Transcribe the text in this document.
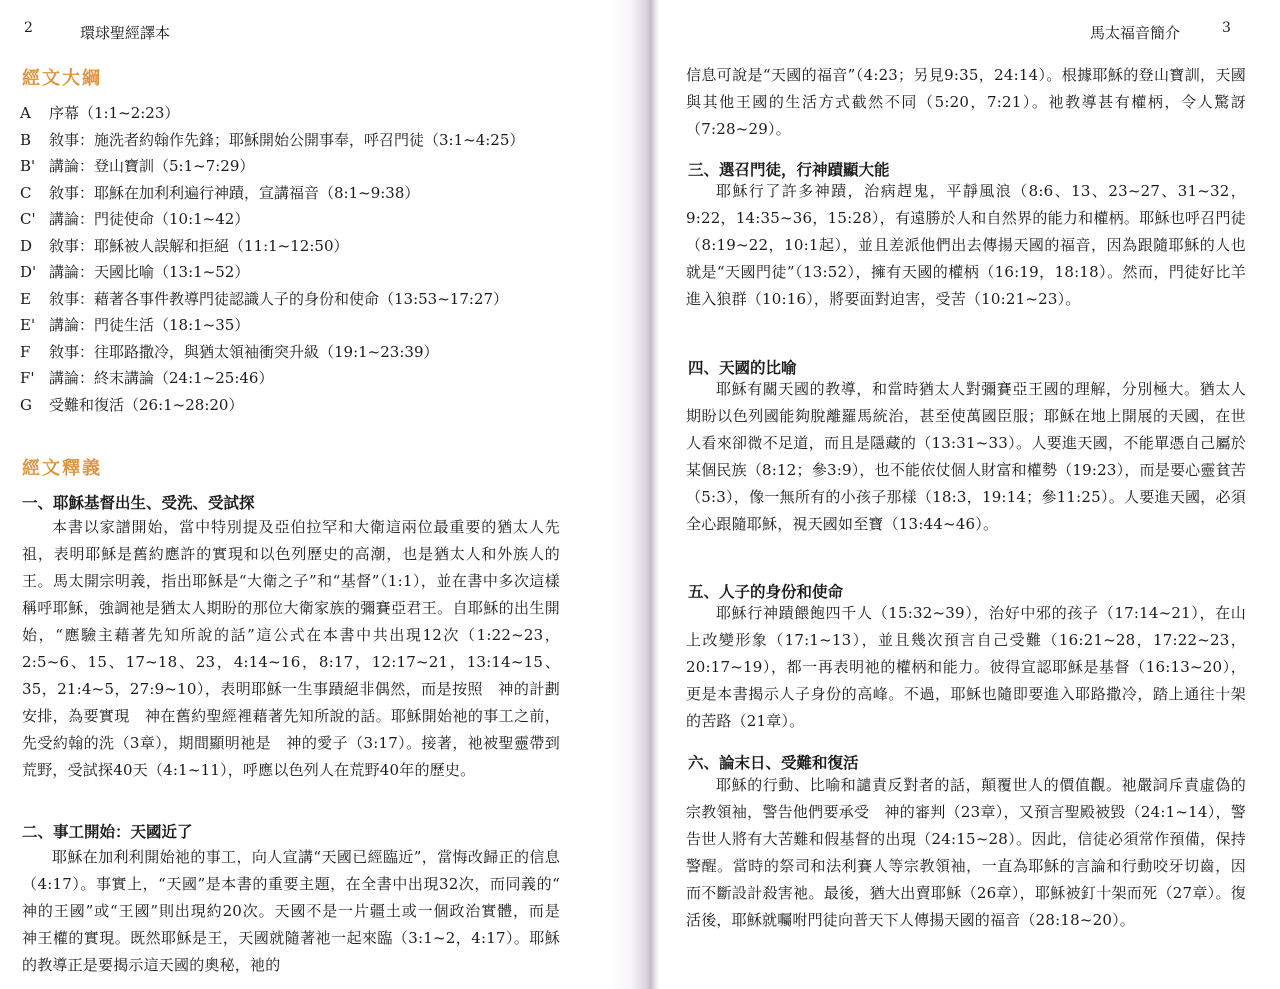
2	環球聖經譯本
經文大綱
A	序幕（1:1~2:23）
B	敘事：施洗者約翰作先鋒；耶穌開始公開事奉，呼召門徒（3:1~4:25）
B' 講論：登山寶訓（5:1~7:29）
C	敘事：耶穌在加利利遍行神蹟，宣講福音（8:1~9:38）
C' 講論：門徒使命（10:1~42）
D	敘事：耶穌被人誤解和拒絕（11:1~12:50）
D' 講論：天國比喻（13:1~52）
E	敘事：藉著各事件教導門徒認識人子的身份和使命（13:53~17:27）
E' 講論：門徒生活（18:1~35）
F	敘事：往耶路撒冷，與猶太領袖衝突升級（19:1~23:39）
F' 講論：終末講論（24:1~25:46）
G	受難和復活（26:1~28:20）
經文釋義
一、耶穌基督出生、受洗、受試探
本書以家譜開始，當中特別提及亞伯拉罕和大衛這兩位最重要的猶太人先祖，表明耶穌是舊約應許的實現和以色列歷史的高潮，也是猶太人和外族人的王。馬太開宗明義，指出耶穌是“大衛之子”和“基督”（1:1），並在書中多次這樣稱呼耶穌，強調祂是猶太人期盼的那位大衛家族的彌賽亞君王。自耶穌的出生開始，“應驗主藉著先知所說的話”這公式在本書中共出現12次（1:22~23，2:5~6、15、17~18、23，4:14~16，8:17，12:17~21，13:14~15、35，21:4~5，27:9~10），表明耶穌一生事蹟絕非偶然，而是按照　神的計劃安排，為要實現　神在舊約聖經裡藉著先知所說的話。耶穌開始祂的事工之前，先受約翰的洗（3章），期間顯明祂是　神的愛子（3:17）。接著，祂被聖靈帶到荒野，受試探40天（4:1~11），呼應以色列人在荒野40年的歷史。
二、事工開始：天國近了
耶穌在加利利開始祂的事工，向人宣講“天國已經臨近”，當悔改歸正的信息（4:17）。事實上，“天國”是本書的重要主題，在全書中出現32次，而同義的“　神的王國”或“王國”則出現約20次。天國不是一片疆土或一個政治實體，而是　神王權的實現。既然耶穌是王，天國就隨著祂一起來臨（3:1~2，4:17）。耶穌的教導正是要揭示這天國的奧秘，祂的
馬太福音簡介	3
信息可說是“天國的福音”（4:23；另見9:35，24:14）。根據耶穌的登山寶訓，天國與其他王國的生活方式截然不同（5:20，7:21）。祂教導甚有權柄，令人驚訝（7:28~29）。
三、選召門徒，行神蹟顯大能
耶穌行了許多神蹟，治病趕鬼，平靜風浪（8:6、13、23~27、31~32，9:22，14:35~36，15:28），有遠勝於人和自然界的能力和權柄。耶穌也呼召門徒（8:19~22，10:1起），並且差派他們出去傳揚天國的福音，因為跟隨耶穌的人也就是“天國門徒”（13:52），擁有天國的權柄（16:19，18:18）。然而，門徒好比羊進入狼群（10:16），將要面對迫害，受苦（10:21~23）。
四、天國的比喻
耶穌有關天國的教導，和當時猶太人對彌賽亞王國的理解，分別極大。猶太人期盼以色列國能夠脫離羅馬統治，甚至使萬國臣服；耶穌在地上開展的天國，在世人看來卻微不足道，而且是隱藏的（13:31~33）。人要進天國，不能單憑自己屬於某個民族（8:12；參3:9），也不能依仗個人財富和權勢（19:23），而是要心靈貧苦（5:3），像一無所有的小孩子那樣（18:3，19:14；參11:25）。人要進天國，必須全心跟隨耶穌，視天國如至寶（13:44~46）。
五、人子的身份和使命
耶穌行神蹟餵飽四千人（15:32~39），治好中邪的孩子（17:14~21），在山上改變形象（17:1~13），並且幾次預言自己受難（16:21~28，17:22~23，20:17~19），都一再表明祂的權柄和能力。彼得宣認耶穌是基督（16:13~20），更是本書揭示人子身份的高峰。不過，耶穌也隨即要進入耶路撒冷，踏上通往十架的苦路（21章）。
六、論末日、受難和復活
耶穌的行動、比喻和譴責反對者的話，顛覆世人的價值觀。祂嚴詞斥責虛偽的宗教領袖，警告他們要承受　神的審判（23章），又預言聖殿被毀（24:1~14），警告世人將有大苦難和假基督的出現（24:15~28）。因此，信徒必須常作預備，保持警醒。當時的祭司和法利賽人等宗教領袖，一直為耶穌的言論和行動咬牙切齒，因而不斷設計殺害祂。最後，猶大出賣耶穌（26章），耶穌被釘十架而死（27章）。復活後，耶穌就囑咐門徒向普天下人傳揚天國的福音（28:18~20）。
